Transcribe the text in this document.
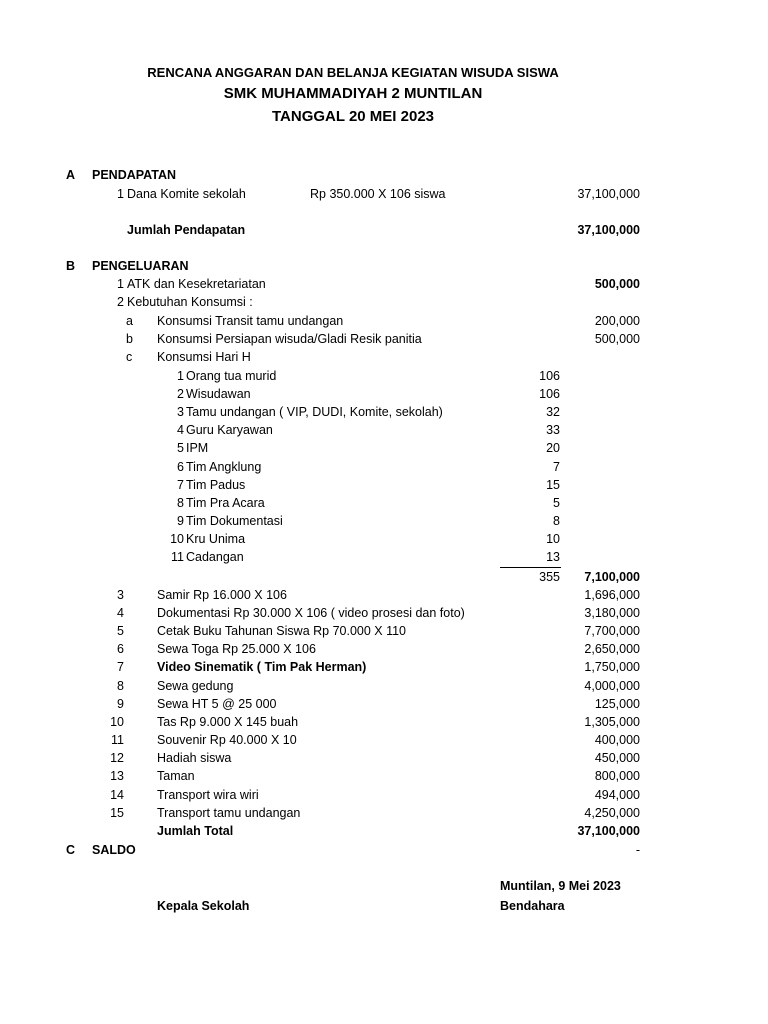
RENCANA ANGGARAN DAN BELANJA KEGIATAN WISUDA SISWA
SMK MUHAMMADIYAH 2 MUNTILAN
TANGGAL 20 MEI 2023
A PENDAPATAN
1 Dana Komite sekolah	Rp 350.000 X 106 siswa	37,100,000
Jumlah Pendapatan	37,100,000
B PENGELUARAN
1 ATK dan Kesekretariatan	500,000
2 Kebutuhan Konsumsi :
a Konsumsi Transit tamu undangan	200,000
b Konsumsi Persiapan wisuda/Gladi Resik panitia	500,000
c Konsumsi Hari H
1 Orang tua murid	106
2 Wisudawan	106
3 Tamu undangan ( VIP, DUDI, Komite, sekolah)	32
4 Guru Karyawan	33
5 IPM	20
6 Tim Angklung	7
7 Tim Padus	15
8 Tim Pra Acara	5
9 Tim Dokumentasi	8
10 Kru Unima	10
11 Cadangan	13
355	7,100,000
3	Samir Rp 16.000 X 106	1,696,000
4	Dokumentasi Rp 30.000 X 106 ( video prosesi dan foto)	3,180,000
5	Cetak Buku Tahunan Siswa Rp 70.000 X 110	7,700,000
6	Sewa Toga Rp 25.000 X 106	2,650,000
7	Video Sinematik ( Tim Pak Herman)	1,750,000
8	Sewa gedung	4,000,000
9	Sewa HT 5 @ 25 000	125,000
10	Tas Rp 9.000 X 145 buah	1,305,000
11	Souvenir Rp 40.000 X 10	400,000
12	Hadiah siswa	450,000
13	Taman	800,000
14	Transport wira wiri	494,000
15	Transport tamu undangan	4,250,000
Jumlah Total	37,100,000
C SALDO	-
Muntilan, 9 Mei 2023
Kepala Sekolah	Bendahara
